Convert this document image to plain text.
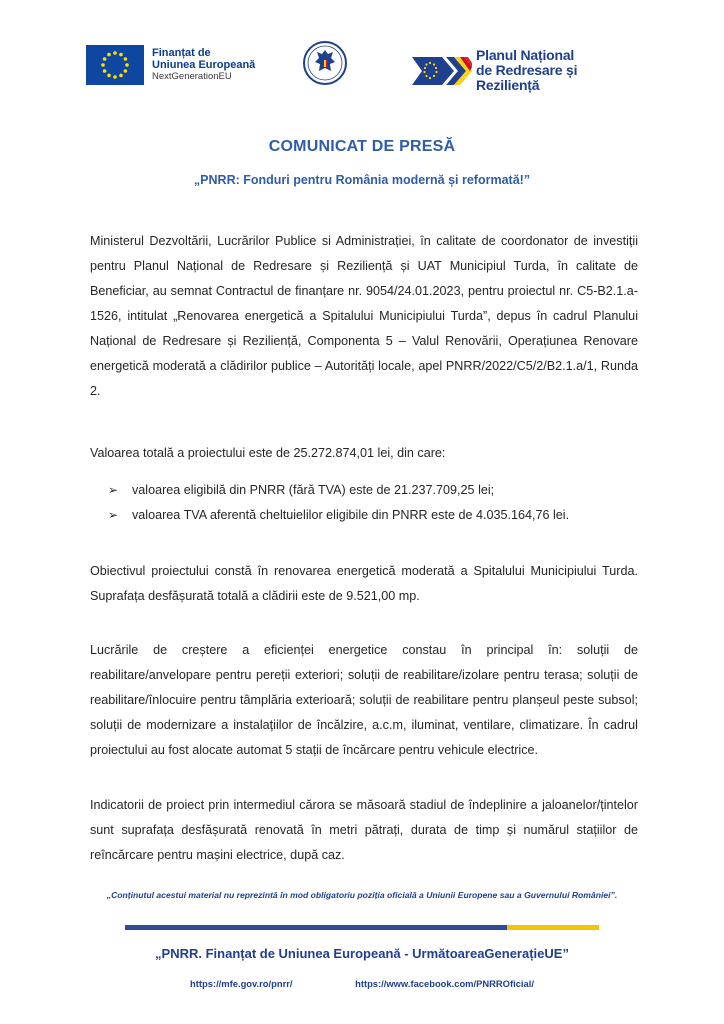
Finanțat de
Uniunea Europeană
NextGenerationEU
Planul Național
de Redresare și Reziliență
COMUNICAT DE PRESĂ
„PNRR: Fonduri pentru România modernă și reformată!”
Ministerul Dezvoltării, Lucrărilor Publice si Administrației, în calitate de coordonator de investiții pentru Planul Național de Redresare și Reziliență și UAT Municipiul Turda, în calitate de Beneficiar, au semnat Contractul de finanțare nr. 9054/24.01.2023, pentru proiectul nr. C5-B2.1.a-1526, intitulat „Renovarea energetică a Spitalului Municipiului Turda”, depus în cadrul Planului Național de Redresare și Reziliență, Componenta 5 – Valul Renovării, Operațiunea Renovare energetică moderată a clădirilor publice – Autorități locale, apel PNRR/2022/C5/2/B2.1.a/1, Runda 2.
Valoarea totală a proiectului este de 25.272.874,01 lei, din care:
➢	valoarea eligibilă din PNRR (fără TVA) este de 21.237.709,25 lei;
➢	valoarea TVA aferentă cheltuielilor eligibile din PNRR este de 4.035.164,76 lei.
Obiectivul proiectului constă în renovarea energetică moderată a Spitalului Municipiului Turda. Suprafața desfășurată totală a clădirii este de 9.521,00 mp.
Lucrările de creștere a eficienței energetice constau în principal în: soluții de reabilitare/anvelopare pentru pereții exteriori; soluții de reabilitare/izolare pentru terasa; soluții de reabilitare/înlocuire pentru tâmplăria exterioară; soluții de reabilitare pentru planșeul peste subsol; soluții de modernizare a instalațiilor de încălzire, a.c.m, iluminat, ventilare, climatizare. În cadrul proiectului au fost alocate automat 5 stații de încărcare pentru vehicule electrice.
Indicatorii de proiect prin intermediul cărora se măsoară stadiul de îndeplinire a jaloanelor/țintelor sunt suprafața desfășurată renovată în metri pătrați, durata de timp și numărul stațiilor de reîncărcare pentru mașini electrice, după caz.
„Conținutul acestui material nu reprezintă în mod obligatoriu poziția oficială a Uniunii Europene sau a Guvernului României”.
„PNRR. Finanțat de Uniunea Europeană - UrmătoareaGenerațieUE”
https://mfe.gov.ro/pnrr/	https://www.facebook.com/PNRROficial/
